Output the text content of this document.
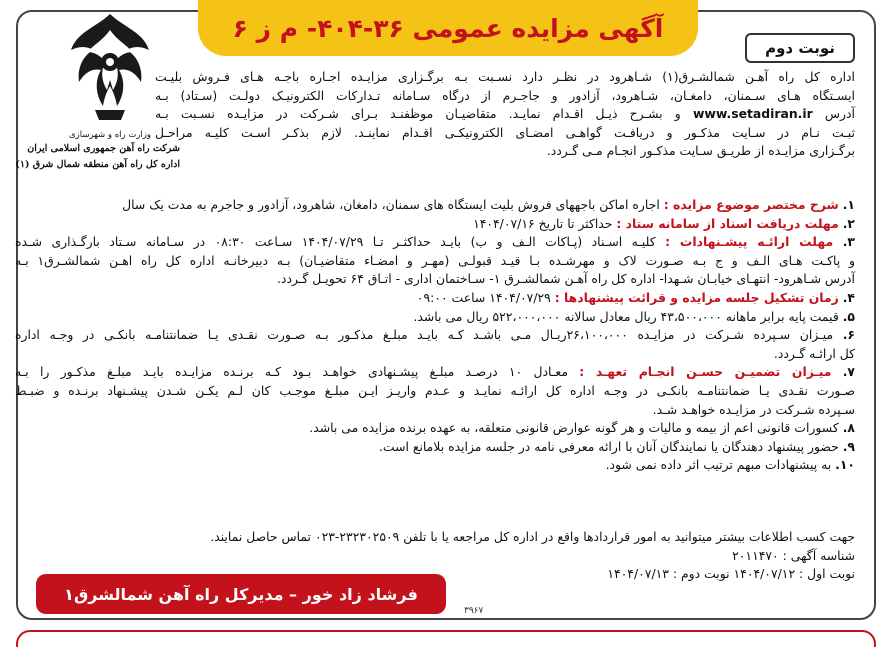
آگهی مزایده عمومی ۳۶-۴۰۴- م ز ۶
نوبت دوم
وزارت راه و شهرسازی
شرکت راه آهن جمهوری اسلامی ایران
اداره کل راه آهن منطقه شمال شرق (۱)
اداره کل راه آهـن شمالشـرق(۱) شـاهرود در نظـر دارد نسـبت بـه برگـزاری مزایـده اجـاره باجـه هـای فـروش بلیـت
ایسـتگاه هـای سـمنان، دامغـان، شـاهرود، آزادور و جاجـرم از درگاه سـامانه تـدارکات الکترونیـک دولـت (سـتاد) بـه
آدرس www.setadiran.ir و بشـرح ذیـل اقـدام نمایـد. متقاضیـان موظفنـد بـرای شـرکت در مزایـده نسـبت بـه
ثبـت نـام در سـایت مذکـور و دریافـت گواهـی امضـای الکترونیکـی اقـدام نماینـد. لازم بذکـر اسـت کلیـه مراحـل
برگـزاری مزایـده از طریـق سـایت مذکـور انجـام مـی گـردد.
۱. شرح مختصر موضوع مزایده : اجاره اماکن باجههای فروش بلیت ایستگاه های سمنان، دامغان، شاهرود، آزادور و جاجرم به مدت یک سال
۲. مهلت دریافت اسناد از سامانه ستاد : حداکثر تا تاریخ ۱۴۰۴/۰۷/۱۶
۳. مهلت ارائـه پیشـنهادات : کلیـه اسـناد (پـاکات الـف و ب) بایـد حداکثـر تـا ۱۴۰۴/۰۷/۲۹ سـاعت ۰۸:۳۰ در سـامانه سـتاد بارگـذاری شـده
و پاکـت هـای الـف و ج بـه صـورت لاک و مهرشـده بـا قیـد قبولـی (مهـر و امضـاء متقاضیـان) بـه دبیرخانـه اداره کل راه اهـن شمالشـرق۱ بـه
آدرس شـاهرود- انتهـای خیابـان شـهدا- اداره کل راه آهـن شمالشـرق ۱- سـاختمان اداری - اتـاق ۶۴ تحویـل گـردد.
۴. زمان تشکیل جلسه مزایده و قرائت پیشنهادها : ۱۴۰۴/۰۷/۲۹ ساعت ۰۹:۰۰
۵. قیمت پایه برابر ماهانه ۴۳،۵۰۰،۰۰۰ ریال معادل سالانه ۵۲۲،۰۰۰،۰۰۰ ریال می باشد.
۶. میـزان سـپرده شـرکت در مزایـده ۲۶،۱۰۰،۰۰۰ریـال مـی باشـد کـه بایـد مبلـغ مذکـور بـه صـورت نقـدی یـا ضمانتنامـه بانکـی در وجـه اداره
کل ارائـه گـردد.
۷. میـزان تضمیـن حسـن انجـام تعهـد : معـادل ۱۰ درصـد مبلـغ پیشـنهادی خواهـد بـود کـه برنـده مزایـده بایـد مبلـغ مذکـور را بـه
صـورت نقـدی یـا ضمانتنامـه بانکـی در وجـه اداره کل ارائـه نمایـد و عـدم واریـز ایـن مبلـغ موجـب کان لـم یکـن شـدن پیشـنهاد برنـده و ضبـط
سـپرده شـرکت در مزایـده خواهـد شـد.
۸. کسورات قانونی اعم از بیمه و مالیات و هر گونه عوارض قانونی متعلقه، به عهده برنده مزایده می باشد.
۹. حضور پیشنهاد دهندگان یا نمایندگان آنان با ارائه معرفی نامه در جلسه مزایده بلامانع است.
۱۰. به پیشنهادات مبهم ترتیب اثر داده نمی شود.
جهت کسب اطلاعات بیشتر میتوانید به امور قراردادها واقع در اداره کل مراجعه یا با تلفن ۲۳۲۳۰۲۵۰۹-۰۲۳ تماس حاصل نمایند.
شناسه آگهی : ۲۰۱۱۴۷۰
نوبت اول : ۱۴۰۴/۰۷/۱۲ نوبت دوم : ۱۴۰۴/۰۷/۱۳
فرشاد زاد خور – مدیرکل راه آهن شمالشرق۱
۳۹۶۷
